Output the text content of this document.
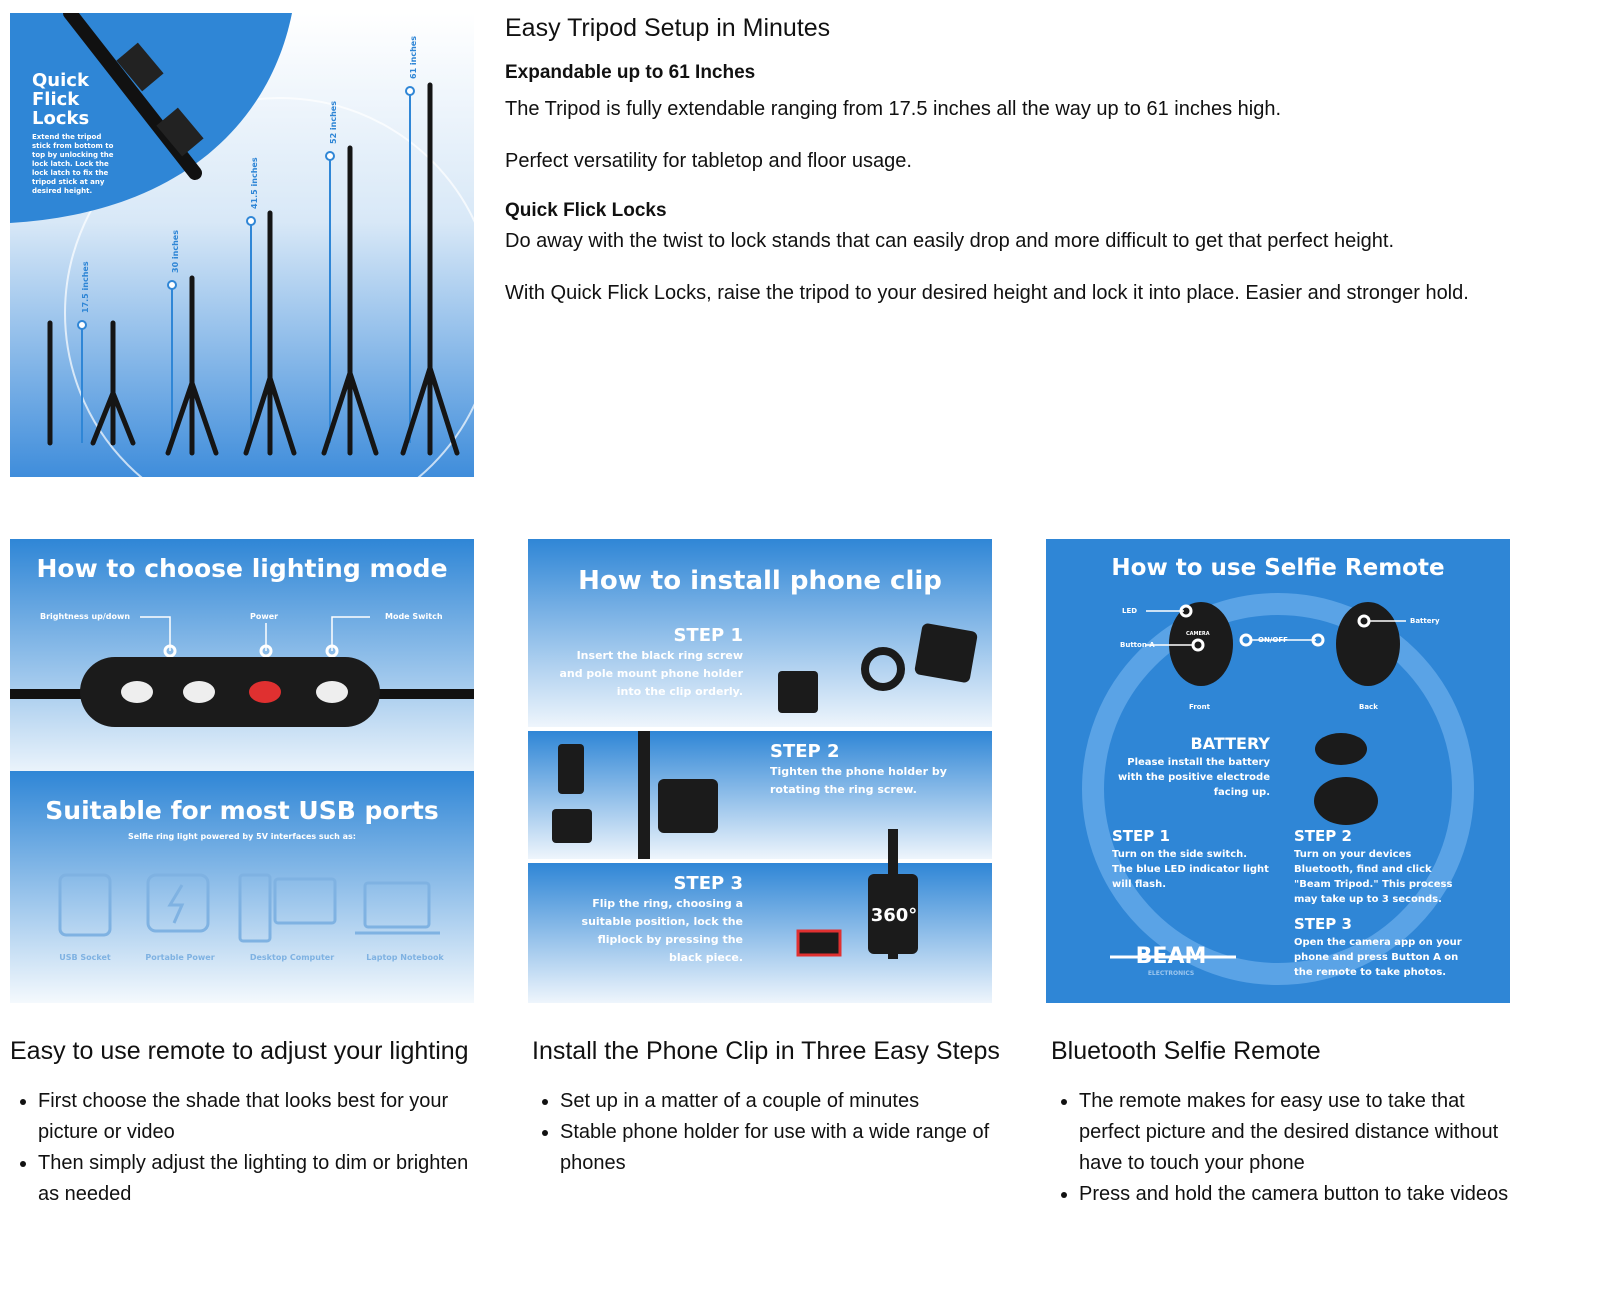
Quick
Flick
Locks
Extend the tripod
stick from bottom to
top by unlocking the
lock latch. Lock the
lock latch to fix the
tripod stick at any
desired height.
17.5 inches
30 inches
41.5 inches
52 inches
61 inches
Easy Tripod Setup in Minutes
Expandable up to 61 Inches

The Tripod is fully extendable ranging from 17.5 inches all the way up to 61 inches high.

Perfect versatility for tabletop and floor usage.

Quick Flick Locks

Do away with the twist to lock stands that can easily drop and more difficult to get that perfect height.

With Quick Flick Locks, raise the tripod to your desired height and lock it into place. Easier and stronger hold.

How to choose lighting mode
Brightness up/down	Power	Mode Switch
Suitable for most USB ports
Selfie ring light powered by 5V interfaces such as:
USB Socket	Portable Power	Desktop Computer	Laptop Notebook
How to install phone clip
STEP 1
Insert the black ring screw
and pole mount phone holder
into the clip orderly.
STEP 2
Tighten the phone holder by
rotating the ring screw.
STEP 3
Flip the ring, choosing a
suitable position, lock the
fliplock by pressing the
black piece.
360°
How to use Selfie Remote
LED
Button A
ON/OFF
Battery
Front	Back
CAMERA
BATTERY
Please install the battery
with the positive electrode
facing up.
STEP 1
Turn on the side switch.
The blue LED indicator light
will flash.
STEP 2
Turn on your devices
Bluetooth, find and click
"Beam Tripod." This process
may take up to 3 seconds.
STEP 3
Open the camera app on your
phone and press Button A on
the remote to take photos.
BEAM
ELECTRONICS
Easy to use remote to adjust your lighting
• First choose the shade that looks best for your picture or video
• Then simply adjust the lighting to dim or brighten as needed
Install the Phone Clip in Three Easy Steps
• Set up in a matter of a couple of minutes
• Stable phone holder for use with a wide range of phones
Bluetooth Selfie Remote
• The remote makes for easy use to take that perfect picture and the desired distance without have to touch your phone
• Press and hold the camera button to take videos
